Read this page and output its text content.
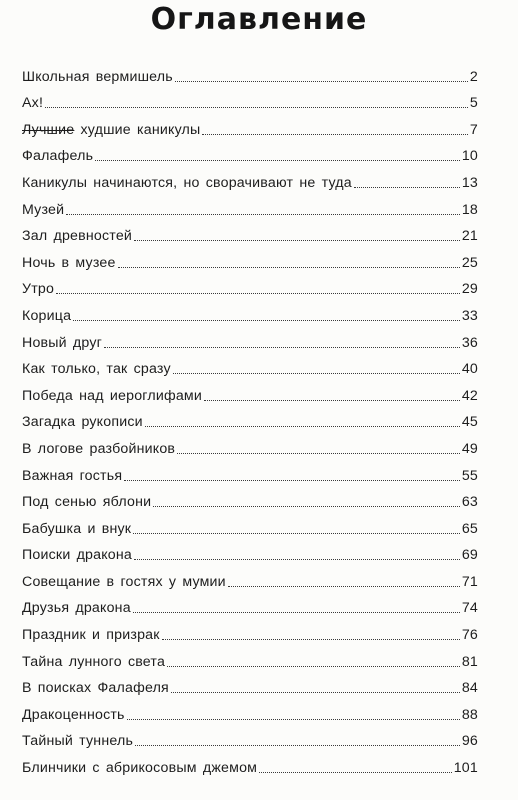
Оглавление
Школьная вермишель	2
Ах!	5
Лучшие худшие каникулы	7
Фалафель	10
Каникулы начинаются, но сворачивают не туда	13
Музей	18
Зал древностей	21
Ночь в музее	25
Утро	29
Корица	33
Новый друг	36
Как только, так сразу	40
Победа над иероглифами	42
Загадка рукописи	45
В логове разбойников	49
Важная гостья	55
Под сенью яблони	63
Бабушка и внук	65
Поиски дракона	69
Совещание в гостях у мумии	71
Друзья дракона	74
Праздник и призрак	76
Тайна лунного света	81
В поисках Фалафеля	84
Дракоценность	88
Тайный туннель	96
Блинчики с абрикосовым джемом	101
